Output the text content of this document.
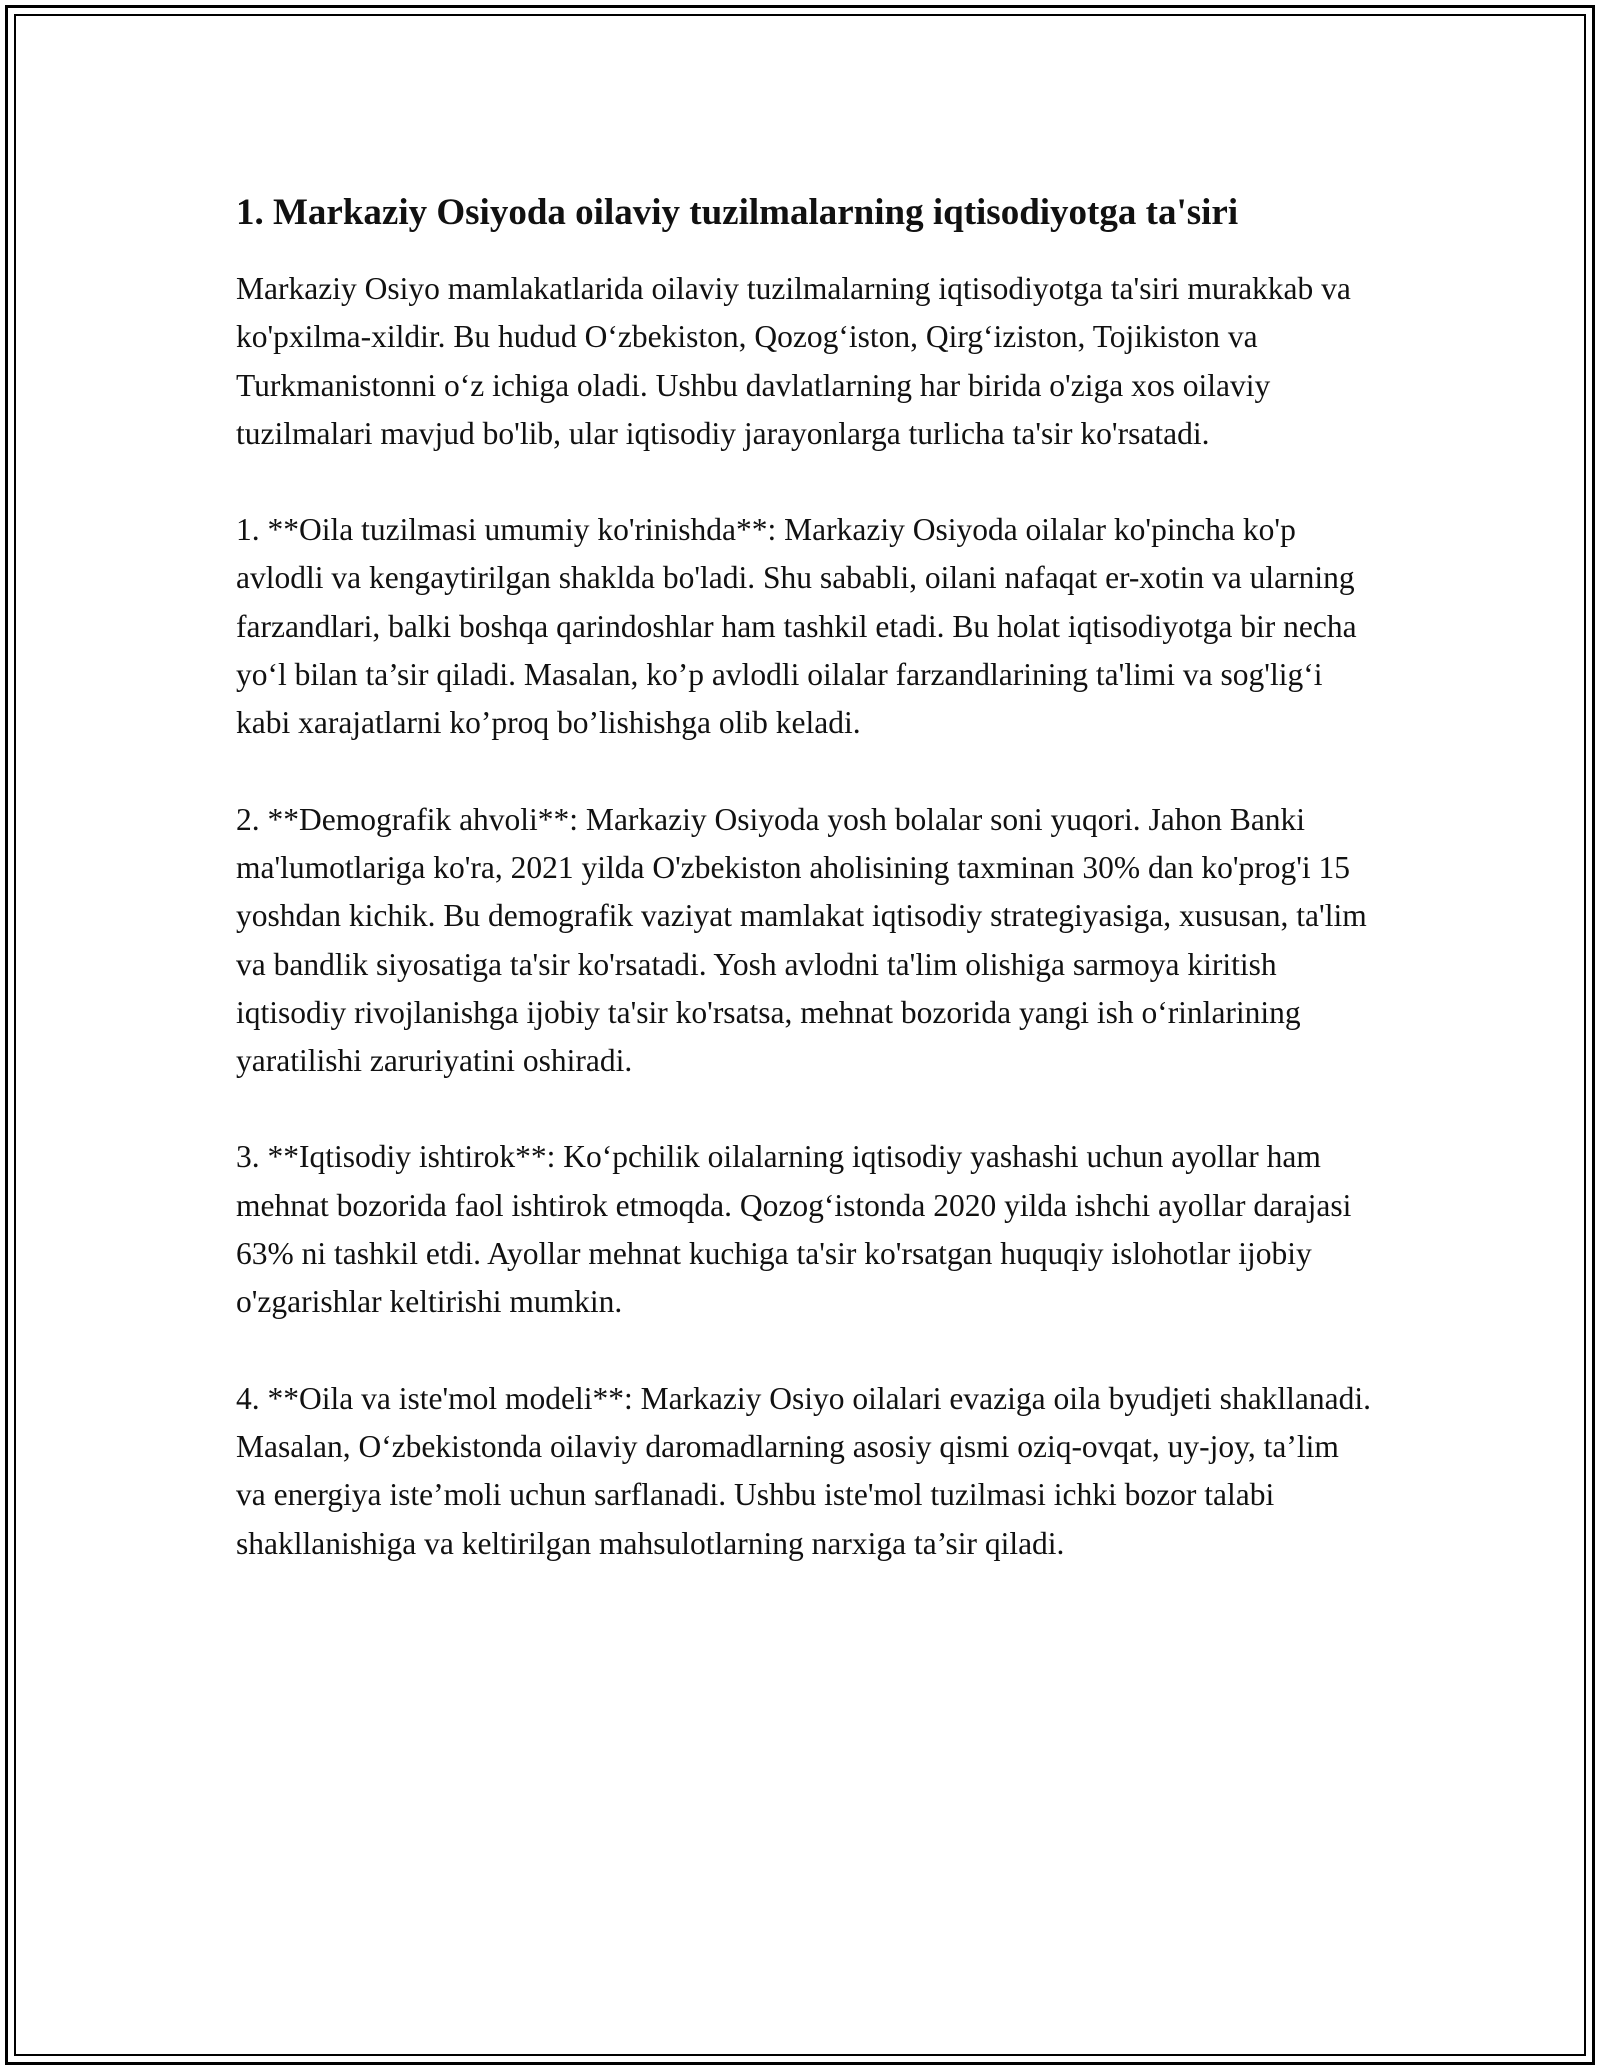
1. Markaziy Osiyoda oilaviy tuzilmalarning iqtisodiyotga ta'siri

Markaziy Osiyo mamlakatlarida oilaviy tuzilmalarning iqtisodiyotga ta'siri murakkab va ko'pxilma-xildir. Bu hudud O‘zbekiston, Qozog‘iston, Qirg‘iziston, Tojikiston va Turkmanistonni o‘z ichiga oladi. Ushbu davlatlarning har birida o'ziga xos oilaviy tuzilmalari mavjud bo'lib, ular iqtisodiy jarayonlarga turlicha ta'sir ko'rsatadi.

1. **Oila tuzilmasi umumiy ko'rinishda**: Markaziy Osiyoda oilalar ko'pincha ko'p avlodli va kengaytirilgan shaklda bo'ladi. Shu sababli, oilani nafaqat er-xotin va ularning farzandlari, balki boshqa qarindoshlar ham tashkil etadi. Bu holat iqtisodiyotga bir necha yo‘l bilan ta’sir qiladi. Masalan, ko’p avlodli oilalar farzandlarining ta'limi va sog'lig‘i kabi xarajatlarni ko’proq bo’lishishga olib keladi.

2. **Demografik ahvoli**: Markaziy Osiyoda yosh bolalar soni yuqori. Jahon Banki ma'lumotlariga ko'ra, 2021 yilda O'zbekiston aholisining taxminan 30% dan ko'prog'i 15 yoshdan kichik. Bu demografik vaziyat mamlakat iqtisodiy strategiyasiga, xususan, ta'lim va bandlik siyosatiga ta'sir ko'rsatadi. Yosh avlodni ta'lim olishiga sarmoya kiritish iqtisodiy rivojlanishga ijobiy ta'sir ko'rsatsa, mehnat bozorida yangi ish o‘rinlarining yaratilishi zaruriyatini oshiradi.

3. **Iqtisodiy ishtirok**: Ko‘pchilik oilalarning iqtisodiy yashashi uchun ayollar ham mehnat bozorida faol ishtirok etmoqda. Qozog‘istonda 2020 yilda ishchi ayollar darajasi 63% ni tashkil etdi. Ayollar mehnat kuchiga ta'sir ko'rsatgan huquqiy islohotlar ijobiy o'zgarishlar keltirishi mumkin.

4. **Oila va iste'mol modeli**: Markaziy Osiyo oilalari evaziga oila byudjeti shakllanadi. Masalan, O‘zbekistonda oilaviy daromadlarning asosiy qismi oziq-ovqat, uy-joy, ta’lim va energiya iste’moli uchun sarflanadi. Ushbu iste'mol tuzilmasi ichki bozor talabi shakllanishiga va keltirilgan mahsulotlarning narxiga ta’sir qiladi.
